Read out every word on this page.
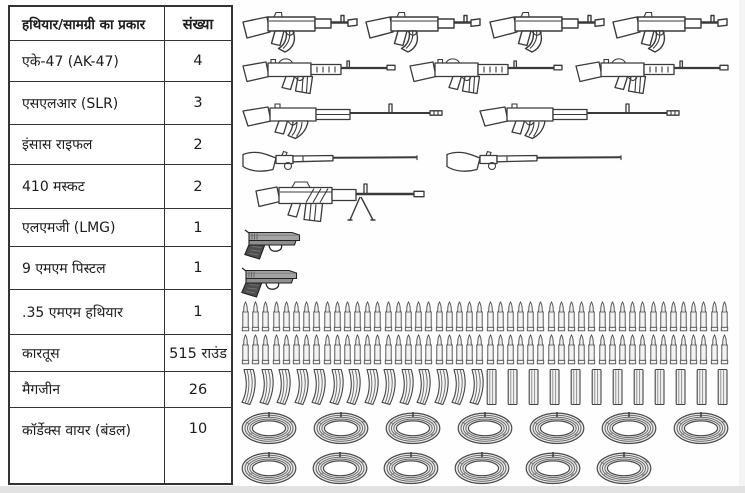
हथियार/सामग्री का प्रकार	संख्या
एके-47 (AK-47)	4
एसएलआर (SLR)	3
इंसास राइफल	2
410 मस्कट	2
एलएमजी (LMG)	1
9 एमएम पिस्टल	1
.35 एमएम हथियार	1
कारतूस	515 राउंड
मैगजीन	26
कॉर्डेक्स वायर (बंडल)	10
